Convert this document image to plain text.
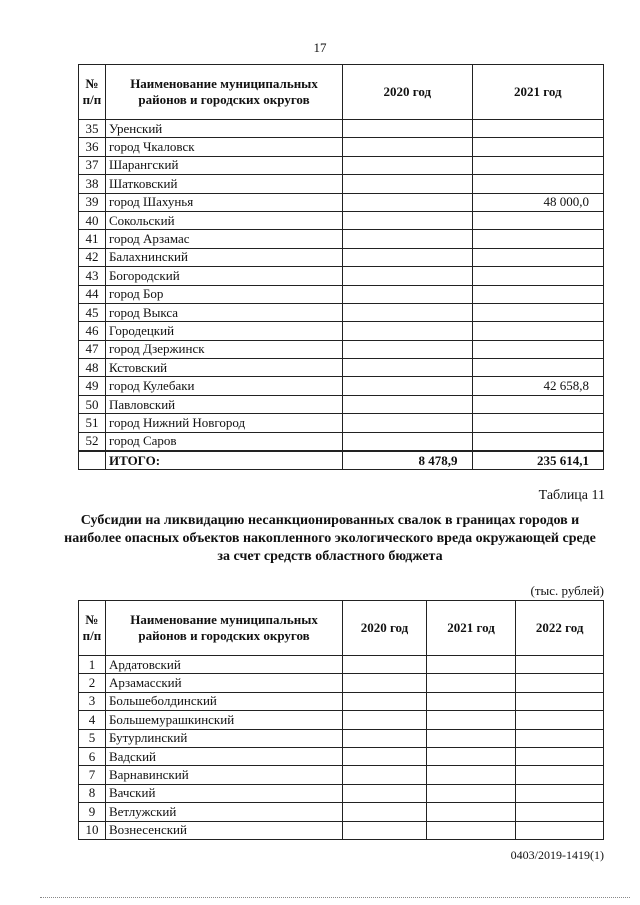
17
№ п/п	Наименование муниципальных районов и городских округов	2020 год	2021 год
35	Уренский		
36	город Чкаловск		
37	Шарангский		
38	Шатковский		
39	город Шахунья		48 000,0
40	Сокольский		
41	город Арзамас		
42	Балахнинский		
43	Богородский		
44	город Бор		
45	город Выкса		
46	Городецкий		
47	город Дзержинск		
48	Кстовский		
49	город Кулебаки		42 658,8
50	Павловский		
51	город Нижний Новгород		
52	город Саров		
	ИТОГО:	8 478,9	235 614,1
Таблица 11
Субсидии на ликвидацию несанкционированных свалок в границах городов и наиболее опасных объектов накопленного экологического вреда окружающей среде за счет средств областного бюджета
(тыс. рублей)
№ п/п	Наименование муниципальных районов и городских округов	2020 год	2021 год	2022 год
1	Ардатовский			
2	Арзамасский			
3	Большеболдинский			
4	Большемурашкинский			
5	Бутурлинский			
6	Вадский			
7	Варнавинский			
8	Вачский			
9	Ветлужский			
10	Вознесенский			
0403/2019-1419(1)
